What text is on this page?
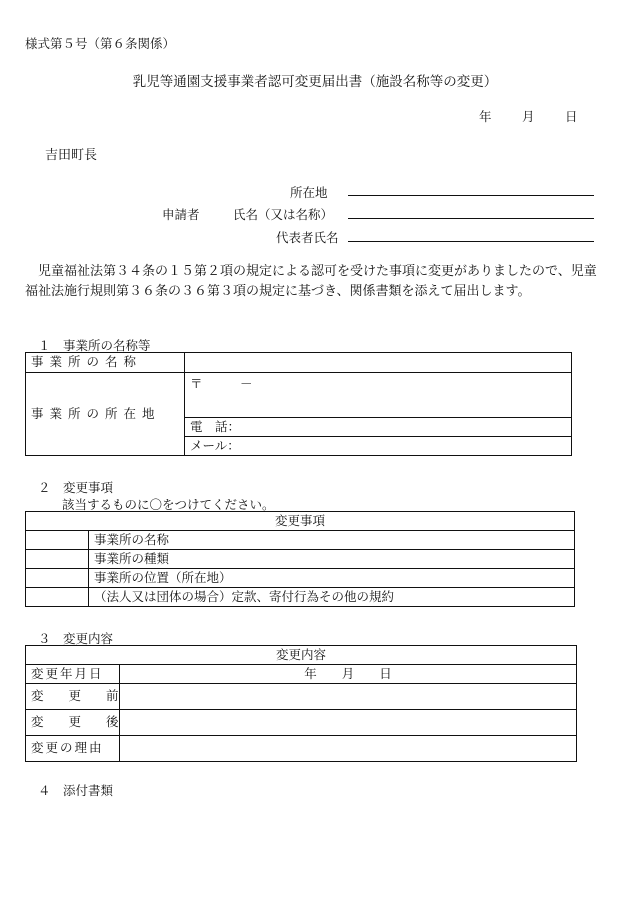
様式第５号（第６条関係）
乳児等通園支援事業者認可変更届出書（施設名称等の変更）
年 月 日
吉田町長
所在地
申請者	氏名（又は名称）
代表者氏名
児童福祉法第３４条の１５第２項の規定による認可を受けた事項に変更がありましたので、児童福祉法施行規則第３６条の３６第３項の規定に基づき、関係書類を添えて届出します。
１　事業所の名称等
事業所の名称	
事業所の所在地	〒　　　－
	電　話：
	メール：
２　変更事項
該当するものに〇をつけてください。
変更事項	
	事業所の名称
	事業所の種類
	事業所の位置（所在地）
	（法人又は団体の場合）定款、寄付行為その他の規約
３　変更内容
変更内容	
変更年月日	年　　月　　日
変　　更　　前	
変　　更　　後	
変更の理由	
４　添付書類
